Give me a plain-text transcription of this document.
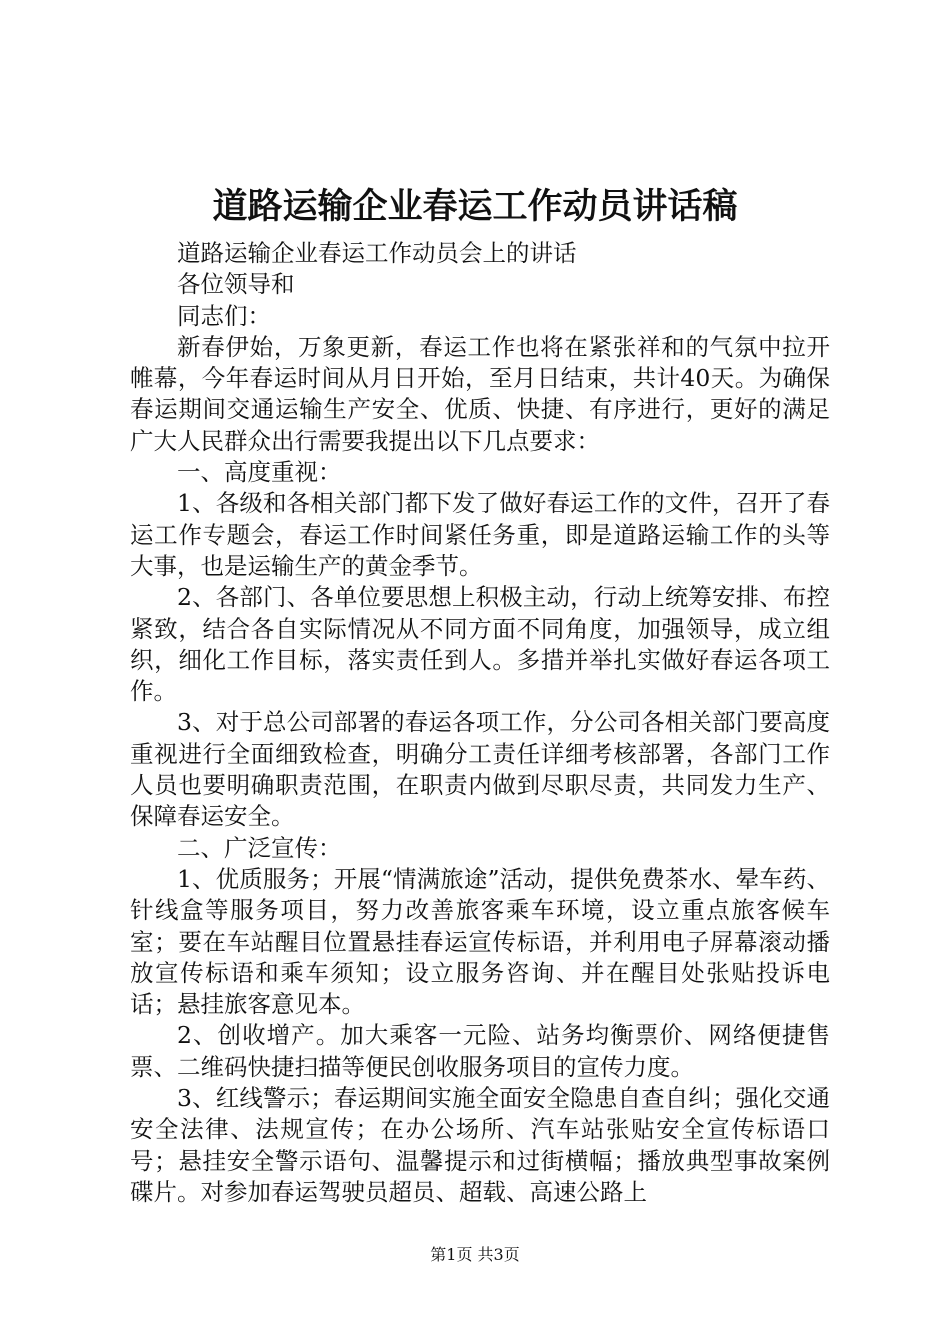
道路运输企业春运工作动员讲话稿

道路运输企业春运工作动员会上的讲话

各位领导和

同志们：

新春伊始，万象更新，春运工作也将在紧张祥和的气氛中拉开帷幕，今年春运时间从月日开始，至月日结束，共计40天。为确保春运期间交通运输生产安全、优质、快捷、有序进行，更好的满足广大人民群众出行需要我提出以下几点要求：

一、高度重视：

1、各级和各相关部门都下发了做好春运工作的文件，召开了春运工作专题会，春运工作时间紧任务重，即是道路运输工作的头等大事，也是运输生产的黄金季节。

2、各部门、各单位要思想上积极主动，行动上统筹安排、布控紧致，结合各自实际情况从不同方面不同角度，加强领导，成立组织，细化工作目标，落实责任到人。多措并举扎实做好春运各项工作。

3、对于总公司部署的春运各项工作，分公司各相关部门要高度重视进行全面细致检查，明确分工责任详细考核部署，各部门工作人员也要明确职责范围，在职责内做到尽职尽责，共同发力生产、保障春运安全。

二、广泛宣传：

1、优质服务；开展“情满旅途”活动，提供免费茶水、晕车药、针线盒等服务项目，努力改善旅客乘车环境，设立重点旅客候车室；要在车站醒目位置悬挂春运宣传标语，并利用电子屏幕滚动播放宣传标语和乘车须知；设立服务咨询、并在醒目处张贴投诉电话；悬挂旅客意见本。

2、创收增产。加大乘客一元险、站务均衡票价、网络便捷售票、二维码快捷扫描等便民创收服务项目的宣传力度。

3、红线警示；春运期间实施全面安全隐患自查自纠；强化交通安全法律、法规宣传；在办公场所、汽车站张贴安全宣传标语口号；悬挂安全警示语句、温馨提示和过街横幅；播放典型事故案例碟片。对参加春运驾驶员超员、超载、高速公路上

第1页 共3页
